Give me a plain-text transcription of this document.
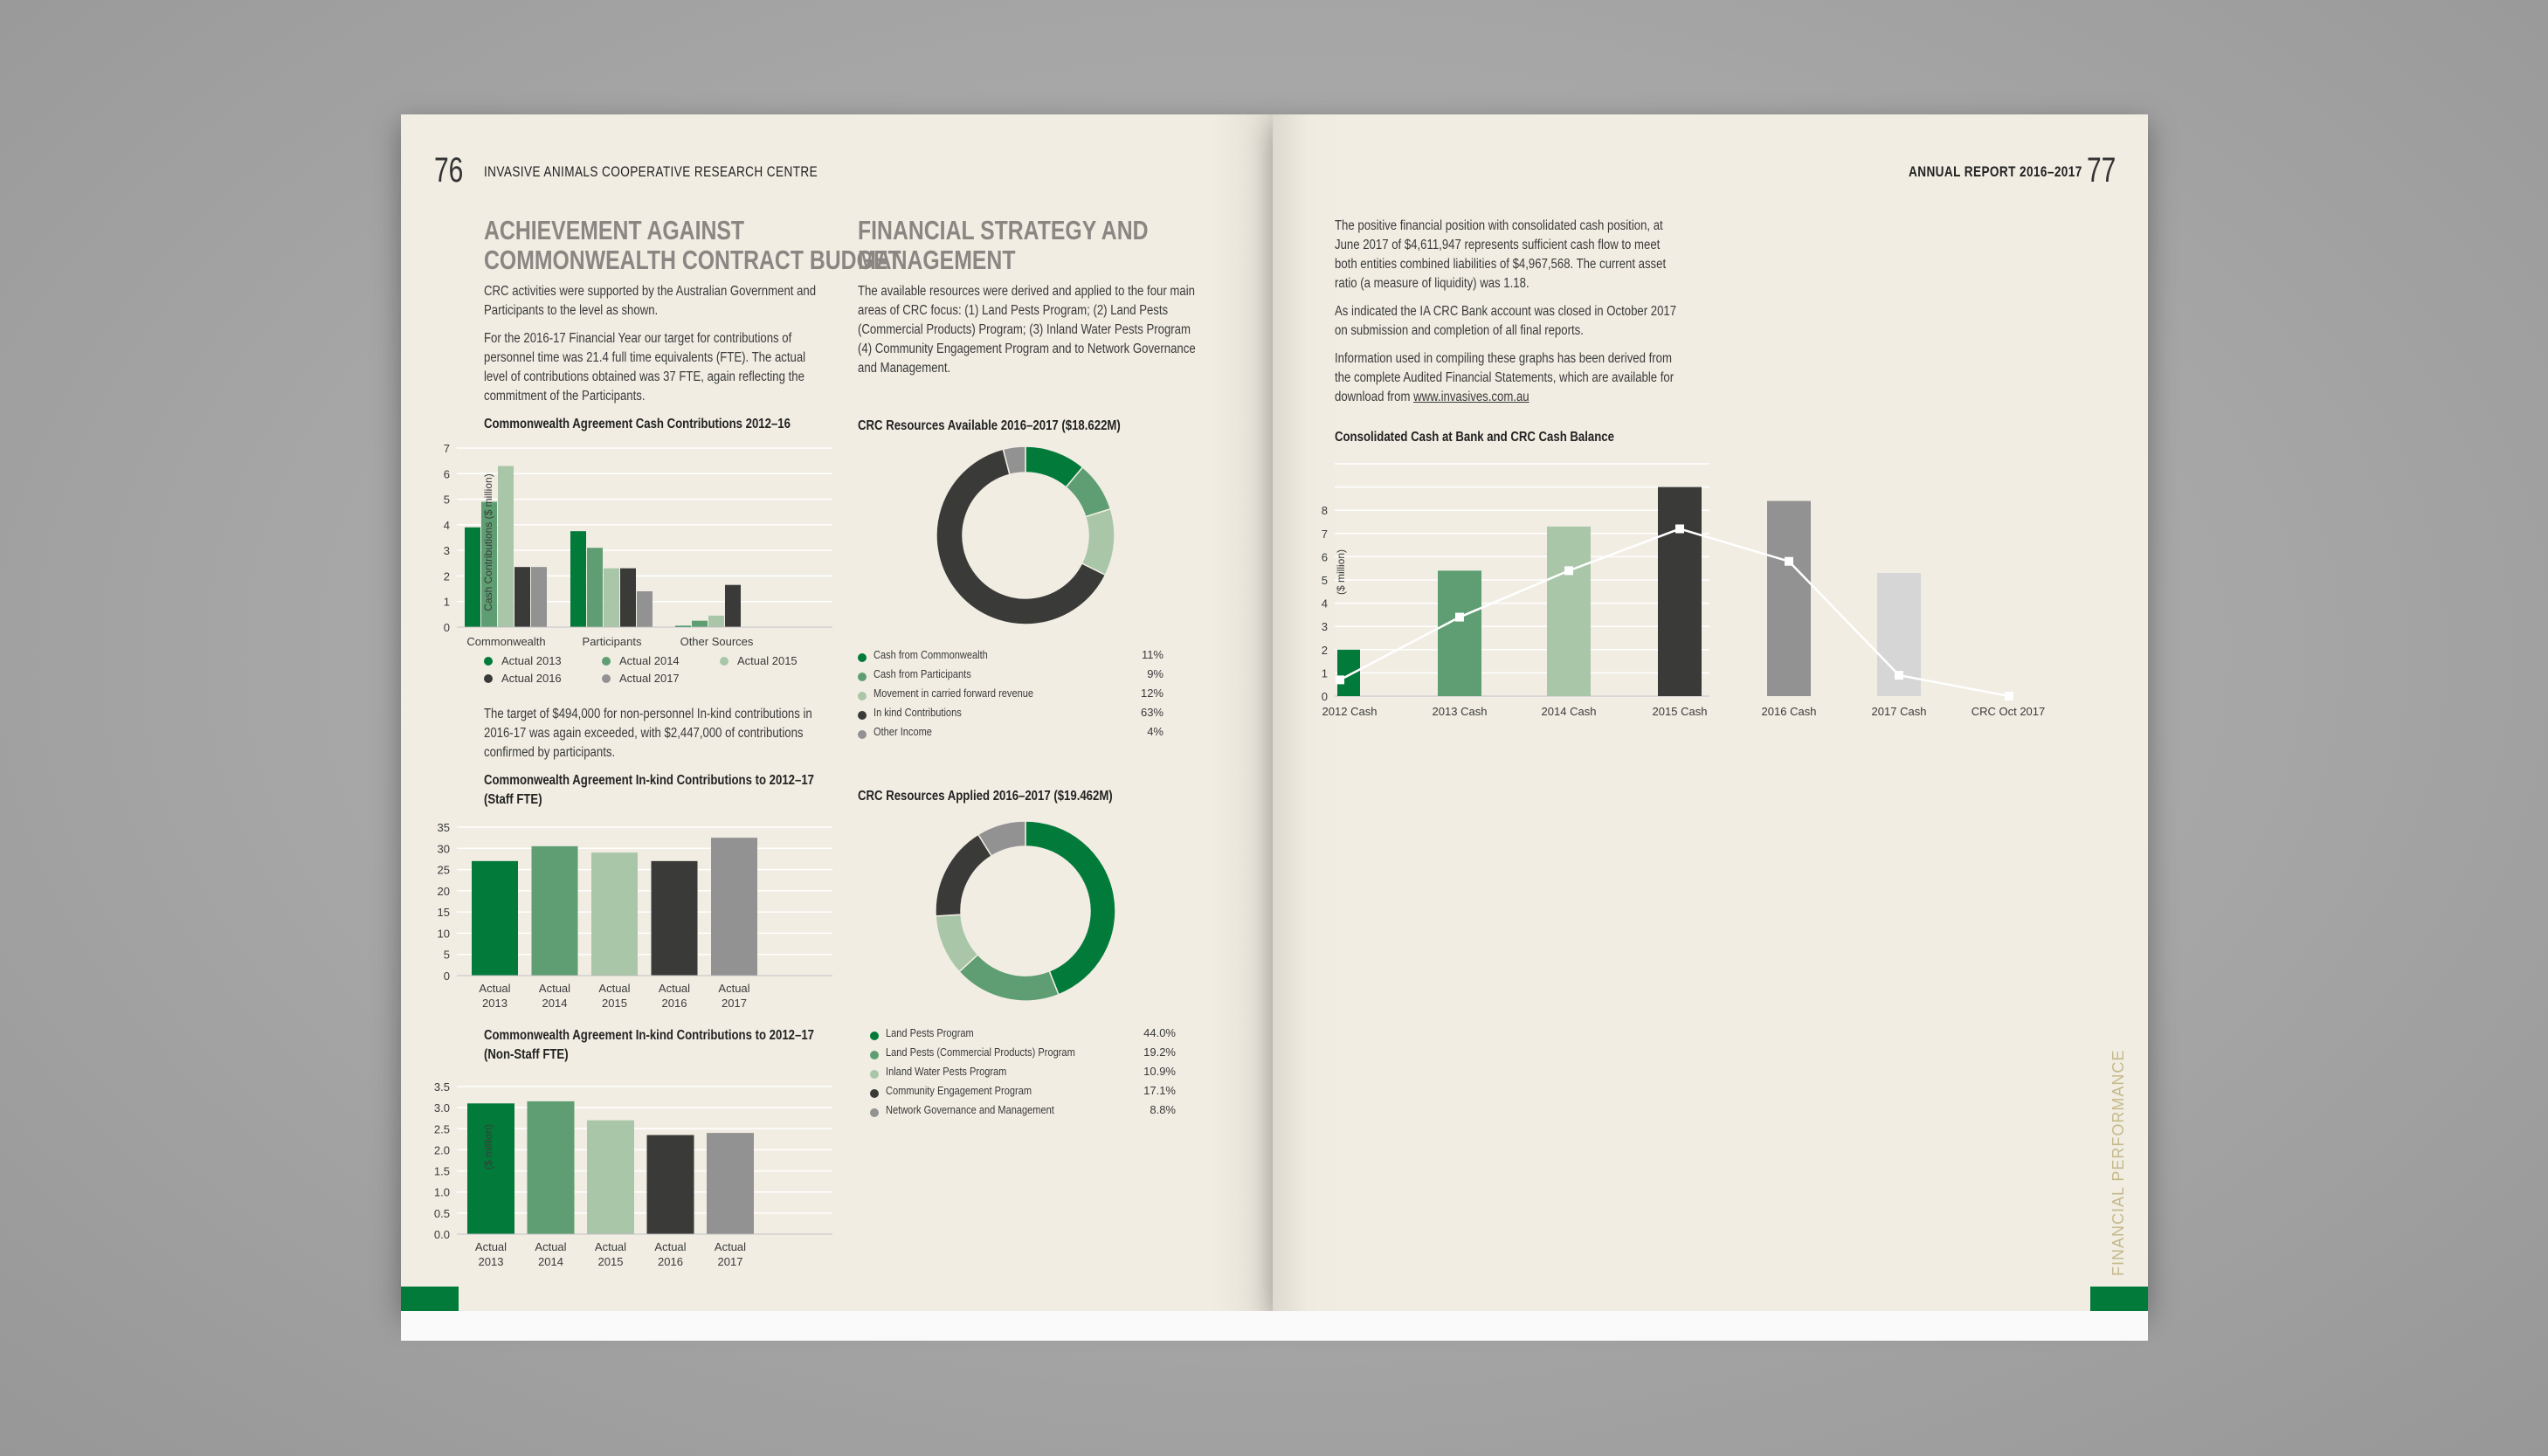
76 INVASIVE ANIMALS COOPERATIVE RESEARCH CENTRE
ACHIEVEMENT AGAINST
COMMONWEALTH CONTRACT BUDGET

CRC activities were supported by the Australian Government and Participants to the level as shown.

For the 2016-17 Financial Year our target for contributions of personnel time was 21.4 full time equivalents (FTE). The actual level of contributions obtained was 37 FTE, again reflecting the commitment of the Participants.

Commonwealth Agreement Cash Contributions 2012–16
0
1
2
3
4
5
6
7
Commonwealth	Participants	Other Sources
Cash Contributions ($ million)
Actual 2013	Actual 2014	Actual 2015
Actual 2016	Actual 2017

The target of $494,000 for non-personnel In-kind contributions in 2016-17 was again exceeded, with $2,447,000 of contributions confirmed by participants.

Commonwealth Agreement In-kind Contributions to 2012–17 (Staff FTE)
0
5
10
15
20
25
30
35
Actual
2013
Actual
2014
Actual
2015
Actual
2016
Actual
2017
Commonwealth Agreement In-kind Contributions to 2012–17 (Non-Staff FTE)
0.0
0.5
1.0
1.5
2.0
2.5
3.0
3.5
Actual
2013
Actual
2014
Actual
2015
Actual
2016
Actual
2017
($ million)
FINANCIAL STRATEGY AND
MANAGEMENT

The available resources were derived and applied to the four main areas of CRC focus: (1) Land Pests Program; (2) Land Pests (Commercial Products) Program; (3) Inland Water Pests Program (4) Community Engagement Program and to Network Governance and Management.

CRC Resources Available 2016–2017 ($18.622M)
Cash from Commonwealth	11%
Cash from Participants	9%
Movement in carried forward revenue	12%
In kind Contributions	63%
Other Income	4%
CRC Resources Applied 2016–2017 ($19.462M)
Land Pests Program	44.0%
Land Pests (Commercial Products) Program	19.2%
Inland Water Pests Program	10.9%
Community Engagement Program	17.1%
Network Governance and Management	8.8%
ANNUAL REPORT 2016–2017 77

The positive financial position with consolidated cash position, at June 2017 of $4,611,947 represents sufficient cash flow to meet both entities combined liabilities of $4,967,568. The current asset ratio (a measure of liquidity) was 1.18.

As indicated the IA CRC Bank account was closed in October 2017 on submission and completion of all final reports.

Information used in compiling these graphs has been derived from the complete Audited Financial Statements, which are available for download from www.invasives.com.au

Consolidated Cash at Bank and CRC Cash Balance
0
1
2
3
4
5
6
7
8
2012 Cash	2013 Cash	2014 Cash	2015 Cash	2016 Cash	2017 Cash	CRC Oct 2017
($ million)
FINANCIAL PERFORMANCE
